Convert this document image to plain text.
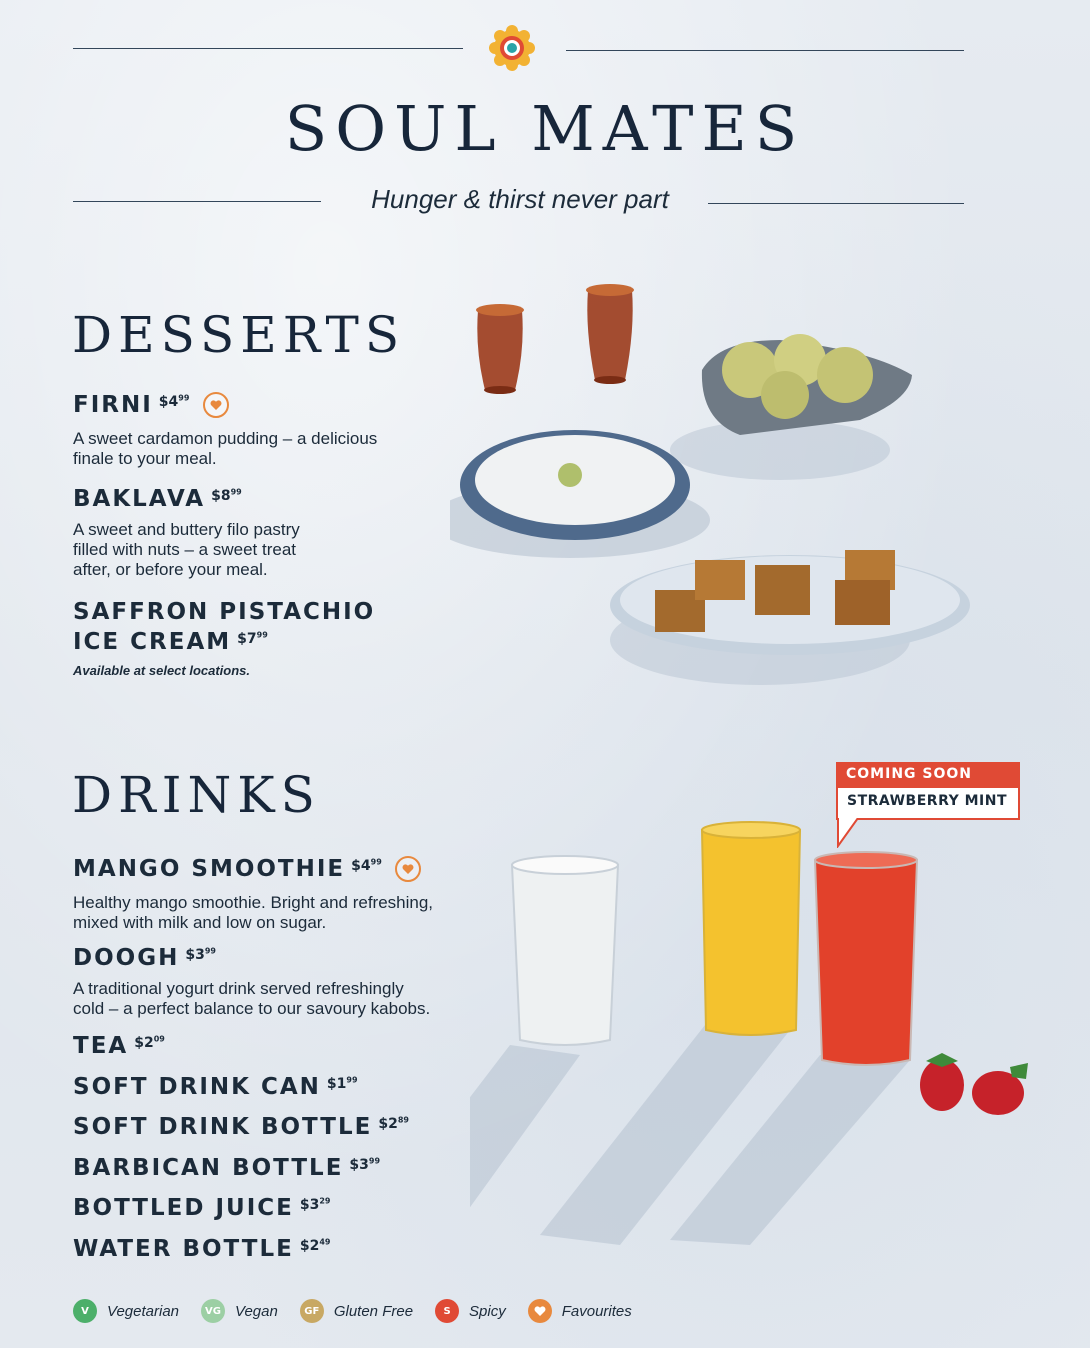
SOUL MATES
Hunger & thirst never part
DESSERTS
FIRNI $\$4^{99}$
A sweet cardamon pudding – a delicious
finale to your meal.
BAKLAVA $\$8^{99}$
A sweet and buttery filo pastry
filled with nuts – a sweet treat
after, or before your meal.
SAFFRON PISTACHIO
ICE CREAM $\$7^{99}$
Available at select locations.
DRINKS
MANGO SMOOTHIE $\$4^{99}$
Healthy mango smoothie. Bright and refreshing,
mixed with milk and low on sugar.
DOOGH $\$3^{99}$
A traditional yogurt drink served refreshingly
cold – a perfect balance to our savoury kabobs.
TEA $\$2^{09}$
SOFT DRINK CAN $\$1^{99}$
SOFT DRINK BOTTLE $\$2^{89}$
BARBICAN BOTTLE $\$3^{99}$
BOTTLED JUICE $\$3^{29}$
WATER BOTTLE $\$2^{49}$
COMING SOON
STRAWBERRY MINT
V	Vegetarian	VG Vegan	GF Gluten Free	S	Spicy	Favourites
